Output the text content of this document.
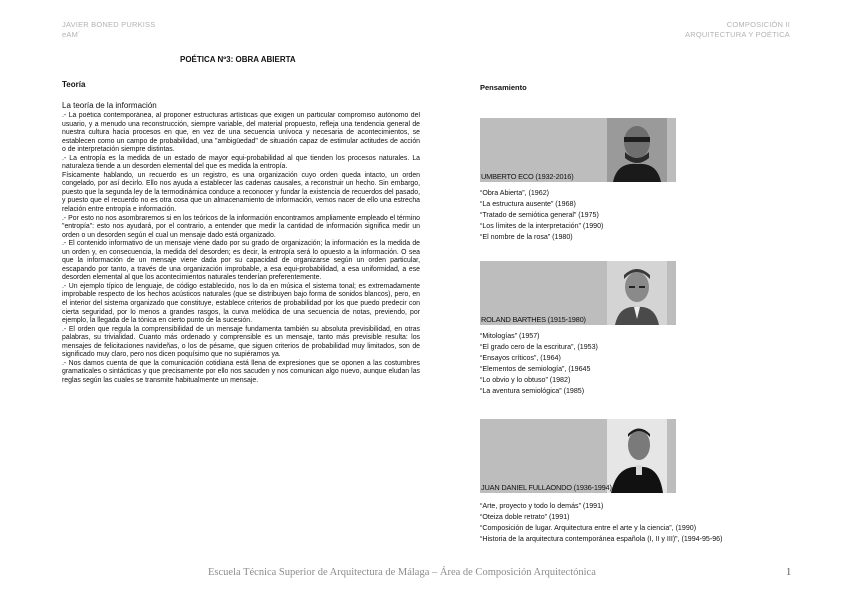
JAVIER BONED PURKISS
eAM´
COMPOSICIÓN II
ARQUITECTURA Y POÉTICA
POÉTICA Nº3: OBRA ABIERTA
Teoría	Pensamiento
La teoría de la información

.- La poética contemporánea, al proponer estructuras artísticas que exigen un particular compromiso autónomo del usuario, y a menudo una reconstrucción, siempre variable, del material propuesto, refleja una tendencia general de nuestra cultura hacia procesos en que, en vez de una secuencia unívoca y necesaria de acontecimientos, se establecen como un campo de probabilidad, una "ambigüedad" de situación capaz de estimular actitudes de acción o de interpretación siempre distintas.

.- La entropía es la medida de un estado de mayor equi-probabilidad al que tienden los procesos naturales. La naturaleza tiende a un desorden elemental del que es medida la entropía.

Físicamente hablando, un recuerdo es un registro, es una organización cuyo orden queda intacto, un orden congelado, por así decirlo. Ello nos ayuda a establecer las cadenas causales, a reconstruir un hecho. Sin embargo, puesto que la segunda ley de la termodinámica conduce a reconocer y fundar la existencia de recuerdos del pasado, y puesto que el recuerdo no es otra cosa que un almacenamiento de información, vemos nacer de ello una estrecha relación entre entropía e información.

.- Por esto no nos asombraremos si en los teóricos de la información encontramos ampliamente empleado el término "entropía": esto nos ayudará, por el contrario, a entender que medir la cantidad de información significa medir un orden o un desorden según el cual un mensaje dado está organizado.

.- El contenido informativo de un mensaje viene dado por su grado de organización; la información es la medida de un orden y, en consecuencia, la medida del desorden; es decir, la entropía será lo opuesto a la información. O sea que la información de un mensaje viene dada por su capacidad de organizarse según un orden particular, escapando por tanto, a través de una organización improbable, a esa equi-probabilidad, a esa uniformidad, a ese desorden elemental al que los acontecimientos naturales tenderían preferentemente.

.- Un ejemplo típico de lenguaje, de código establecido, nos lo da en música el sistema tonal; es extremadamente improbable respecto de los hechos acústicos naturales (que se distribuyen bajo forma de sonidos blancos), pero, en el interior del sistema organizado que constituye, establece criterios de probabilidad por los que puedo predecir con cierta seguridad, por lo menos a grandes rasgos, la curva melódica de una secuencia de notas, previendo, por ejemplo, la llegada de la tónica en cierto punto de la sucesión.

.- El orden que regula la comprensibilidad de un mensaje fundamenta también su absoluta previsibilidad, en otras palabras, su trivialidad. Cuanto más ordenado y comprensible es un mensaje, tanto más previsible resulta: los mensajes de felicitaciones navideñas, o los de pésame, que siguen criterios de probabilidad muy limitados, son de significado muy claro, pero nos dicen poquísimo que no supiéramos ya.

.- Nos damos cuenta de que la comunicación cotidiana está llena de expresiones que se oponen a las costumbres gramaticales o sintácticas y que precisamente por ello nos sacuden y nos comunican algo nuevo, aunque eludan las reglas según las cuales se transmite habitualmente un mensaje.

UMBERTO ECO (1932-2016)
“Obra Abierta”, (1962)
“La estructura ausente” (1968)
“Tratado de semiótica general” (1975)
“Los límites de la interpretación” (1990)
“El nombre de la rosa” (1980)
ROLAND BARTHES (1915-1980)
“Mitologías” (1957)
“El grado cero de la escritura”, (1953)
“Ensayos críticos”, (1964)
“Elementos de semiología”, (19645
“Lo obvio y lo obtuso” (1982)
“La aventura semiológica” (1985)
JUAN DANIEL FULLAONDO (1936-1994)
“Arte, proyecto y todo lo demás” (1991)
“Oteiza doble retrato” (1991)
“Composición de lugar. Arquitectura entre el arte y la ciencia”, (1990)
“Historia de la arquitectura contemporánea española (I, II y III)”, (1994-95-96)
Escuela Técnica Superior de Arquitectura de Málaga – Área de Composición Arquitectónica	1
